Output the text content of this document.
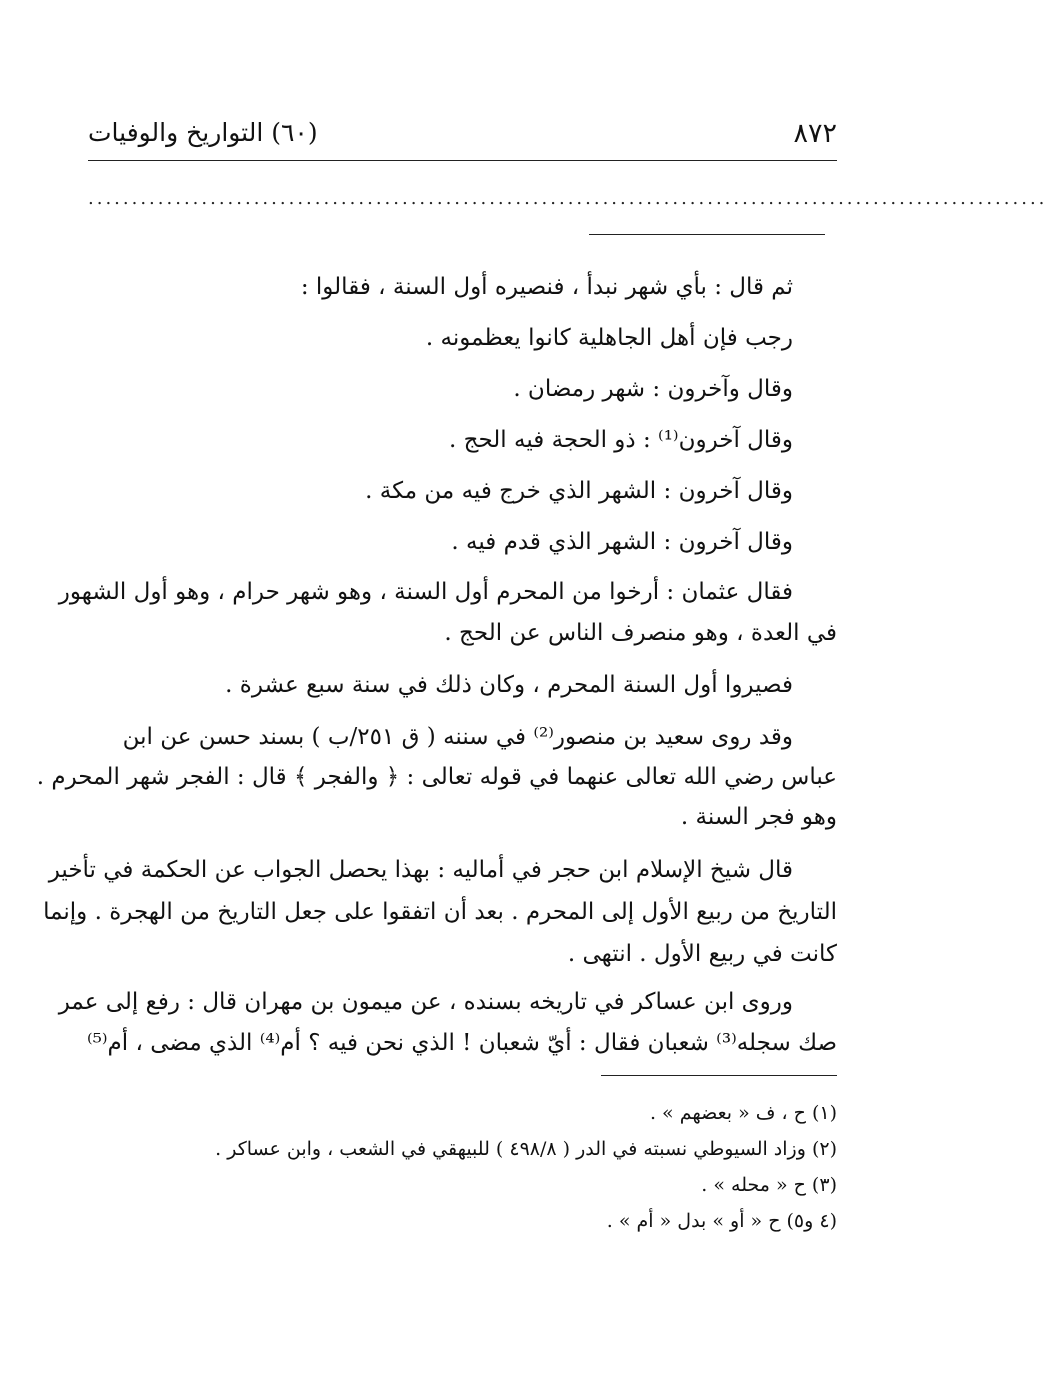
٨٧٢
(٦٠) التواريخ والوفيات
..............................................................................................................
ثم قال : بأي شهر نبدأ ، فنصيره أول السنة ، فقالوا :
رجب فإن أهل الجاهلية كانوا يعظمونه .
وقال وآخرون : شهر رمضان .
وقال آخرون⁽¹⁾ : ذو الحجة فيه الحج .
وقال آخرون : الشهر الذي خرج فيه من مكة .
وقال آخرون : الشهر الذي قدم فيه .
فقال عثمان : أرخوا من المحرم أول السنة ، وهو شهر حرام ، وهو أول الشهور
في العدة ، وهو منصرف الناس عن الحج .
فصيروا أول السنة المحرم ، وكان ذلك في سنة سبع عشرة .
وقد روى سعيد بن منصور⁽²⁾ في سننه ( ق ٢٥١/ب ) بسند حسن عن ابن
عباس رضي الله تعالى عنهما في قوله تعالى : ﴿ والفجر ﴾ قال : الفجر شهر المحرم .
وهو فجر السنة .
قال شيخ الإسلام ابن حجر في أماليه : بهذا يحصل الجواب عن الحكمة في تأخير
التاريخ من ربيع الأول إلى المحرم . بعد أن اتفقوا على جعل التاريخ من الهجرة . وإنما
كانت في ربيع الأول . انتهى .
وروى ابن عساكر في تاريخه بسنده ، عن ميمون بن مهران قال : رفع إلى عمر
صك سجله⁽³⁾ شعبان فقال : أيّ شعبان ! الذي نحن فيه ؟ أم⁽⁴⁾ الذي مضى ، أم⁽⁵⁾
(١) ح ، ف « بعضهم » .
(٢) وزاد السيوطي نسبته في الدر ( ٤٩٨/٨ ) للبيهقي في الشعب ، وابن عساكر .
(٣) ح « محله » .
(٤ و٥) ح « أو » بدل « أم » .
